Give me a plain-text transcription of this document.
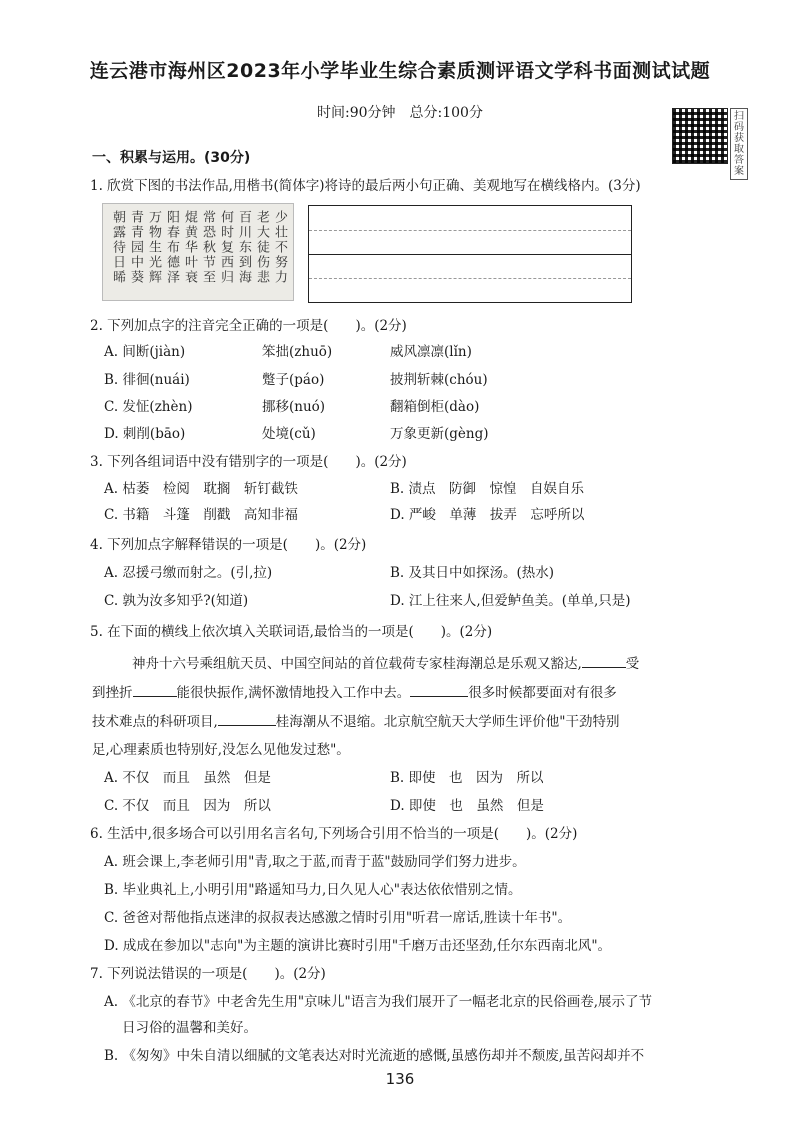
连云港市海州区2023年小学毕业生综合素质测评语文学科书面测试试题
时间:90分钟　总分:100分	扫码获取答案
一、积累与运用。(30分)
1. 欣赏下图的书法作品,用楷书(简体字)将诗的最后两小句正确、美观地写在横线格内。(3分)
少壮不努力
老大徒伤悲
百川东到海
何时复西归
常恐秋节至
焜黄华叶衰
阳春布德泽
万物生光辉
青青园中葵
朝露待日晞
2. 下列加点字的注音完全正确的一项是(　　)。(2分)
A. 间断(jiàn)	笨拙(zhuō)	威风凛凛(lǐn)
B. 徘徊(nuái)	蹩子(páo)	披荆斩棘(chóu)
C. 发怔(zhèn)	挪移(nuó)	翻箱倒柜(dào)
D. 刺削(bāo)	处境(cǔ)	万象更新(gèng)
3. 下列各组词语中没有错别字的一项是(　　)。(2分)
A. 枯萎　检阅　耽搁　斩钉截铁	B. 渍点　防御　惊惶　自娱自乐
C. 书籍　斗篷　削戳　高知非福	D. 严峻　单薄　拔弄　忘呼所以
4. 下列加点字解释错误的一项是(　　)。(2分)
A. 忍援弓缴而射之。(引,拉)	B. 及其日中如探汤。(热水)
C. 孰为汝多知乎?(知道)	D. 江上往来人,但爱鲈鱼美。(单单,只是)
5. 在下面的横线上依次填入关联词语,最恰当的一项是(　　)。(2分)
神舟十六号乘组航天员、中国空间站的首位载荷专家桂海潮总是乐观又豁达,	受
到挫折	能很快振作,满怀激情地投入工作中去。	很多时候都要面对有很多
技术难点的科研项目,	桂海潮从不退缩。北京航空航天大学师生评价他"干劲特别
足,心理素质也特别好,没怎么见他发过愁"。
A. 不仅　而且　虽然　但是	B. 即使　也　因为　所以
C. 不仅　而且　因为　所以	D. 即使　也　虽然　但是
6. 生活中,很多场合可以引用名言名句,下列场合引用不恰当的一项是(　　)。(2分)
A. 班会课上,李老师引用"青,取之于蓝,而青于蓝"鼓励同学们努力进步。
B. 毕业典礼上,小明引用"路遥知马力,日久见人心"表达依依惜别之情。
C. 爸爸对帮他指点迷津的叔叔表达感激之情时引用"听君一席话,胜读十年书"。
D. 成成在参加以"志向"为主题的演讲比赛时引用"千磨万击还坚劲,任尔东西南北风"。
7. 下列说法错误的一项是(　　)。(2分)
A. 《北京的春节》中老舍先生用"京味儿"语言为我们展开了一幅老北京的民俗画卷,展示了节
日习俗的温馨和美好。
B. 《匆匆》中朱自清以细腻的文笔表达对时光流逝的感慨,虽感伤却并不颓废,虽苦闷却并不
136
